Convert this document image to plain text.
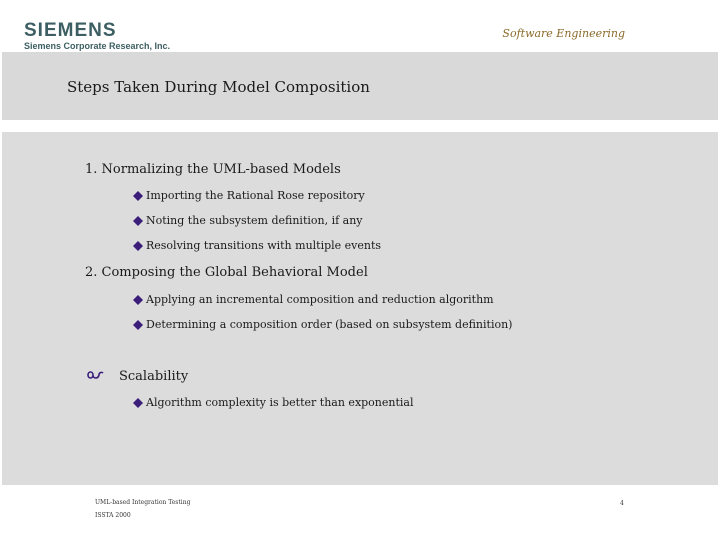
SIEMENS
Siemens Corporate Research, Inc.
Software Engineering
Steps Taken During Model Composition
1. Normalizing the UML-based Models
Importing the Rational Rose repository
Noting the subsystem definition, if any
Resolving transitions with multiple events
2. Composing the Global Behavioral Model
Applying an incremental composition and reduction algorithm
Determining a composition order (based on subsystem definition)
Scalability
Algorithm complexity is better than exponential
UML-based Integration Testing
ISSTA 2000
4
